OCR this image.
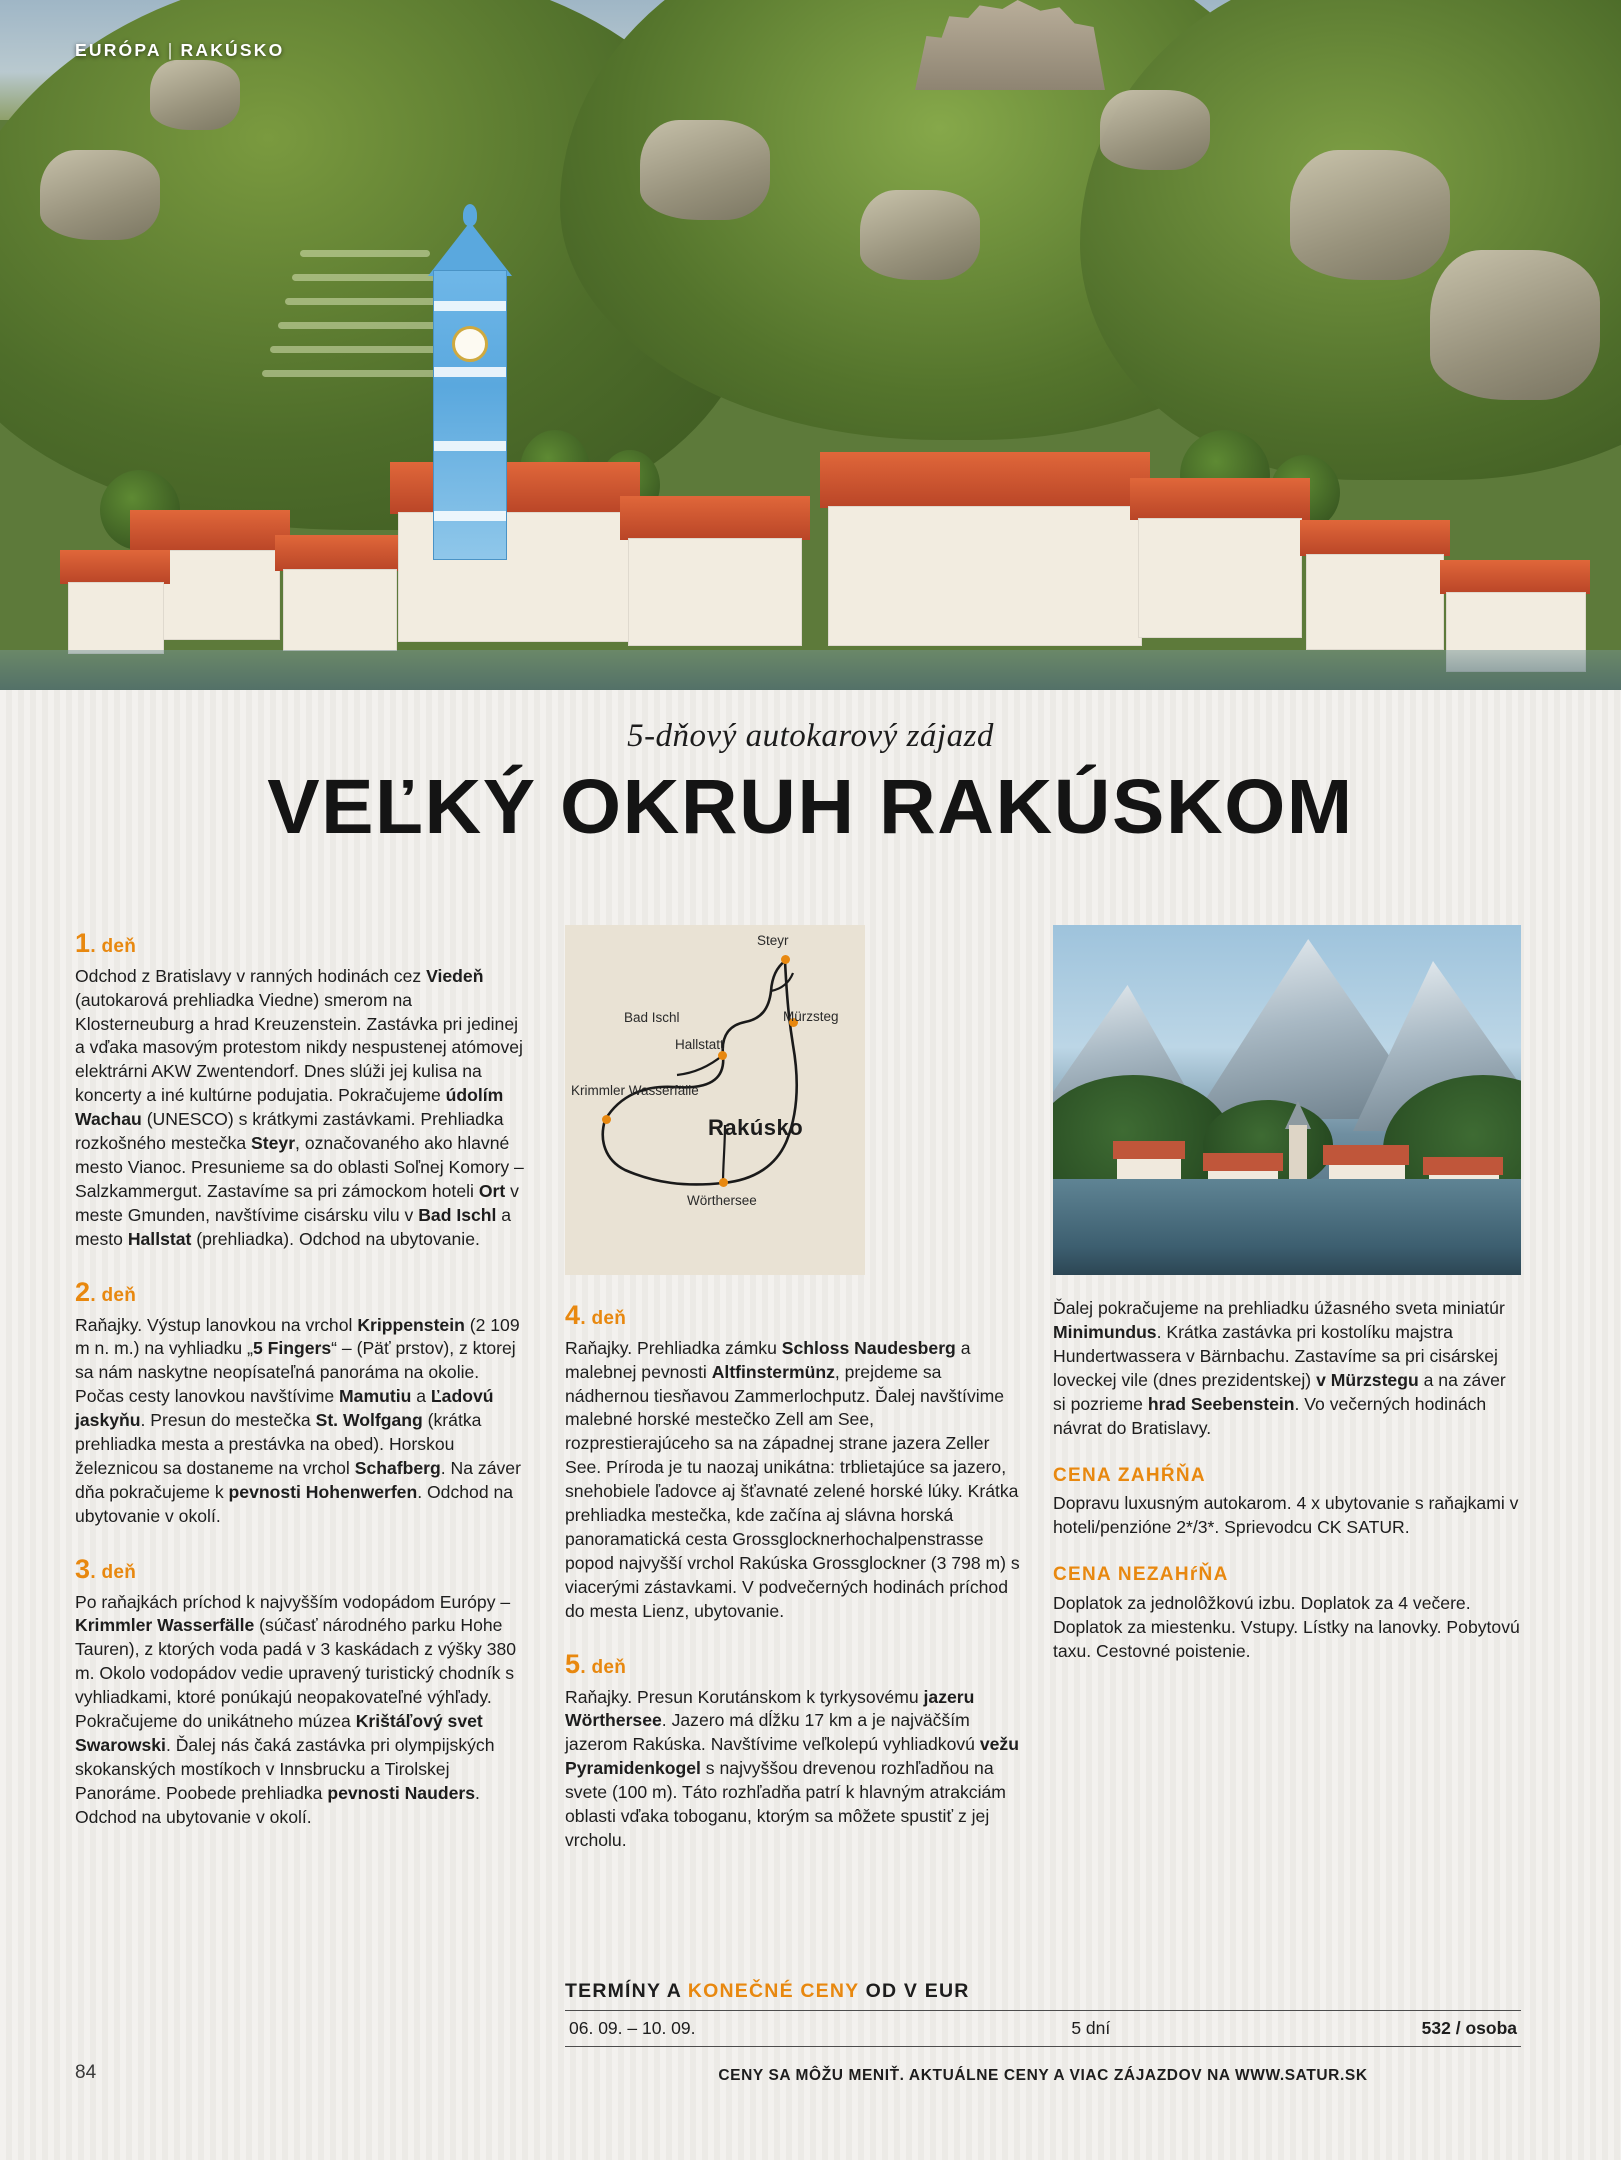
EURÓPA | RAKÚSKO
5-dňový autokarový zájazd
VEĽKÝ OKRUH RAKÚSKOM
1. deň

Odchod z Bratislavy v ranných hodinách cez Viedeň (autokarová prehliadka Viedne) smerom na Klosterneuburg a hrad Kreuzenstein. Zastávka pri jedinej a vďaka masovým protestom nikdy nespustenej atómovej elektrárni AKW Zwentendorf. Dnes slúži jej kulisa na koncerty a iné kultúrne podujatia. Pokračujeme údolím Wachau (UNESCO) s krátkymi zastávkami. Prehliadka rozkošného mestečka Steyr, označovaného ako hlavné mesto Vianoc. Presunieme sa do oblasti Soľnej Komory – Salzkammergut. Zastavíme sa pri zámockom hoteli Ort v meste Gmunden, navštívime cisársku vilu v Bad Ischl a mesto Hallstat (prehliadka). Odchod na ubytovanie.

2. deň

Raňajky. Výstup lanovkou na vrchol Krippenstein (2 109 m n. m.) na vyhliadku „5 Fingers“ – (Päť prstov), z ktorej sa nám naskytne neopísateľná panoráma na okolie. Počas cesty lanovkou navštívime Mamutiu a Ľadovú jaskyňu. Presun do mestečka St. Wolfgang (krátka prehliadka mesta a prestávka na obed). Horskou železnicou sa dostaneme na vrchol Schafberg. Na záver dňa pokračujeme k pevnosti Hohenwerfen. Odchod na ubytovanie v okolí.

3. deň

Po raňajkách príchod k najvyšším vodopádom Európy – Krimmler Wasserfälle (súčasť národného parku Hohe Tauren), z ktorých voda padá v 3 kaskádach z výšky 380 m. Okolo vodopádov vedie upravený turistický chodník s vyhliadkami, ktoré ponúkajú neopakovateľné výhľady. Pokračujeme do unikátneho múzea Krištáľový svet Swarowski. Ďalej nás čaká zastávka pri olympijských skokanských mostíkoch v Innsbrucku a Tirolskej Panoráme. Poobede prehliadka pevnosti Nauders. Odchod na ubytovanie v okolí.

Steyr
Bad Ischl
Hallstatt
Mürzsteg
Krimmler Wasserfälle
Wörthersee
Rakúsko
4. deň

Raňajky. Prehliadka zámku Schloss Naudesberg a malebnej pevnosti Altfinstermünz, prejdeme sa nádhernou tiesňavou Zammerlochputz. Ďalej navštívime malebné horské mestečko Zell am See, rozprestierajúceho sa na západnej strane jazera Zeller See. Príroda je tu naozaj unikátna: trblietajúce sa jazero, snehobiele ľadovce aj šťavnaté zelené horské lúky. Krátka prehliadka mestečka, kde začína aj slávna horská panoramatická cesta Grossglocknerhochalpenstrasse popod najvyšší vrchol Rakúska Grossglockner (3 798 m) s viacerými zástavkami. V podvečerných hodinách príchod do mesta Lienz, ubytovanie.

5. deň

Raňajky. Presun Korutánskom k tyrkysovému jazeru Wörthersee. Jazero má dĺžku 17 km a je najväčším jazerom Rakúska. Navštívime veľkolepú vyhliadkovú vežu Pyramidenkogel s najvyššou drevenou rozhľadňou na svete (100 m). Táto rozhľadňa patrí k hlavným atrakciám oblasti vďaka toboganu, ktorým sa môžete spustiť z jej vrcholu.

Ďalej pokračujeme na prehliadku úžasného sveta miniatúr Minimundus. Krátka zastávka pri kostolíku majstra Hundertwassera v Bärnbachu. Zastavíme sa pri cisárskej loveckej vile (dnes prezidentskej) v Mürzstegu a na záver si pozrieme hrad Seebenstein. Vo večerných hodinách návrat do Bratislavy.

CENA ZAHŔŇA

Dopravu luxusným autokarom. 4 x ubytovanie s raňajkami v hoteli/penzióne 2*/3*. Sprievodcu CK SATUR.

CENA NEZAHŕŇA

Doplatok za jednolôžkovú izbu. Doplatok za 4 večere. Doplatok za miestenku. Vstupy. Lístky na lanovky. Pobytovú taxu. Cestovné poistenie.

TERMÍNY A KONEČNÉ CENY OD V EUR
06. 09. – 10. 09.	5 dní	532 / osoba
CENY SA MÔŽU MENIŤ. AKTUÁLNE CENY A VIAC ZÁJAZDOV NA WWW.SATUR.SK
84
